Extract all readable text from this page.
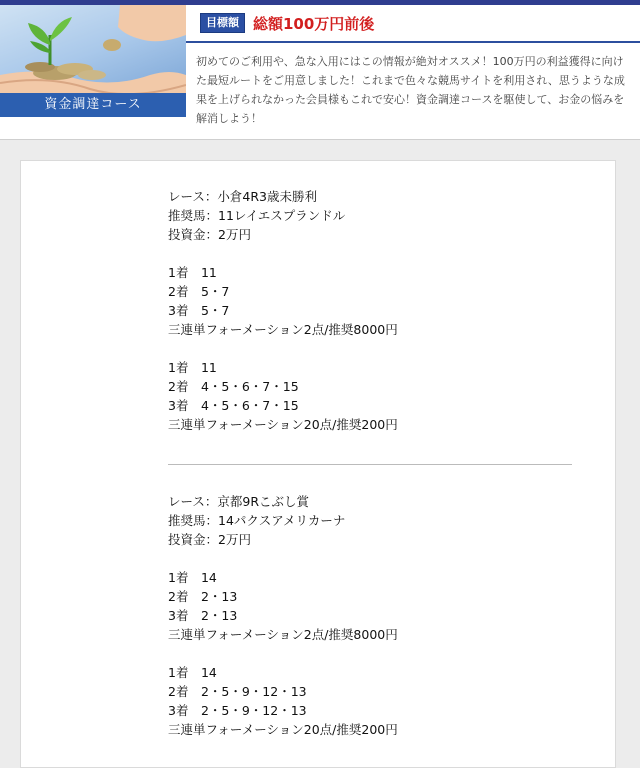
資金調達コース
目標額 総額100万円前後

初めてのご利用や、急な入用にはこの情報が絶対オススメ！100万円の利益獲得に向けた最短ルートをご用意しました！これまで色々な競馬サイトを利用され、思うような成果を上げられなかった会員様もこれで安心！資金調達コースを駆使して、お金の悩みを解消しよう！

レース：小倉4R3歳未勝利
推奨馬：11レイエスプランドル
投資金：2万円
1着　11
2着　5・7
3着　5・7
三連単フォーメーション2点/推奨8000円
1着　11
2着　4・5・6・7・15
3着　4・5・6・7・15
三連単フォーメーション20点/推奨200円
レース：京都9Rこぶし賞
推奨馬：14パクスアメリカーナ
投資金：2万円
1着　14
2着　2・13
3着　2・13
三連単フォーメーション2点/推奨8000円
1着　14
2着　2・5・9・12・13
3着　2・5・9・12・13
三連単フォーメーション20点/推奨200円
